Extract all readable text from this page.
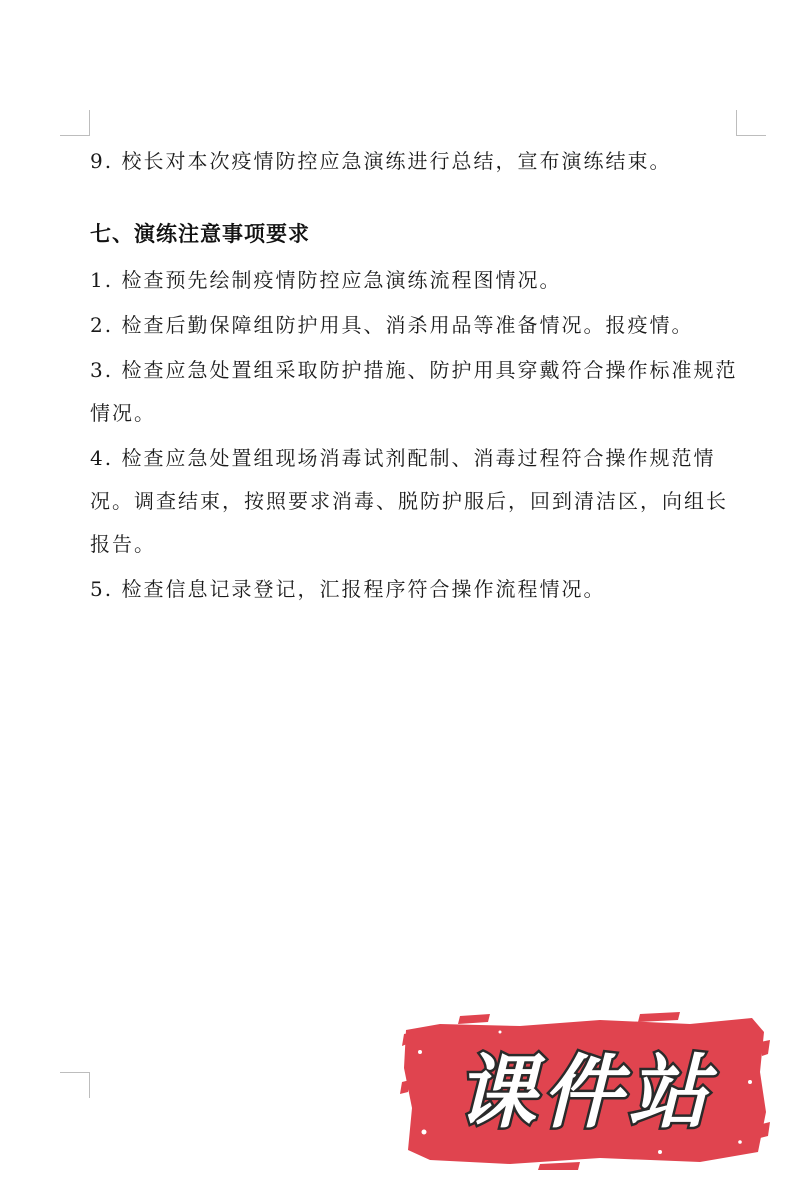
9. 校长对本次疫情防控应急演练进行总结，宣布演练结束。

七、演练注意事项要求

1. 检查预先绘制疫情防控应急演练流程图情况。

2. 检查后勤保障组防护用具、消杀用品等准备情况。报疫情。

3. 检查应急处置组采取防护措施、防护用具穿戴符合操作标准规范情况。

4. 检查应急处置组现场消毒试剂配制、消毒过程符合操作规范情况。调查结束，按照要求消毒、脱防护服后，回到清洁区，向组长报告。

5. 检查信息记录登记，汇报程序符合操作流程情况。

课件站
